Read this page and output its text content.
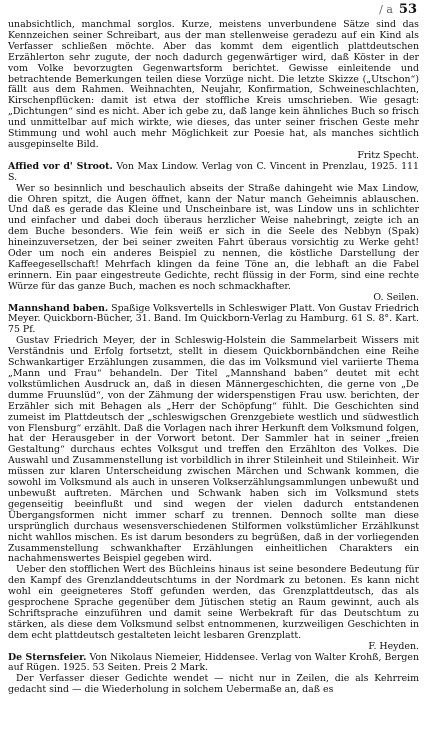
/ a 53

unabsichtlich, manchmal sorglos. Kurze, meistens unverbundene Sätze sind das Kennzeichen seiner Schreibart, aus der man stellenweise geradezu auf ein Kind als Verfasser schließen möchte. Aber das kommt dem eigentlich plattdeutschen Erzählerton sehr zugute, der noch dadurch gegenwärtiger wird, daß Köster in der vom Volke bevorzugten Gegenwartsform berichtet. Gewisse einleitende und betrachtende Bemerkungen teilen diese Vorzüge nicht. Die letzte Skizze („Utschon“) fällt aus dem Rahmen. Weihnachten, Neujahr, Konfirmation, Schweineschlachten, Kirschenpflücken: damit ist etwa der stoffliche Kreis umschrieben. Wie gesagt: „Dichtungen“ sind es nicht. Aber ich gebe zu, daß lange kein ähnliches Buch so frisch und unmittelbar auf mich wirkte, wie dieses, das unter seiner frischen Geste mehr Stimmung und wohl auch mehr Möglichkeit zur Poesie hat, als manches sichtlich ausgepinselte Bild.

Fritz Specht.

Affied vor d' Stroot. Von Max Lindow. Verlag von C. Vincent in Prenzlau, 1925. 111 S.

Wer so besinnlich und beschaulich abseits der Straße dahingeht wie Max Lindow, die Ohren spitzt, die Augen öffnet, kann der Natur manch Geheimnis ablauschen. Und daß es gerade das Kleine und Unscheinbare ist, was Lindow uns in schlichter und einfacher und dabei doch überaus herzlicher Weise nahebringt, zeigte ich an dem Buche besonders. Wie fein weiß er sich in die Seele des Nebbyn (Spak) hineinzuversetzen, der bei seiner zweiten Fahrt überaus vorsichtig zu Werke geht! Oder um noch ein anderes Beispiel zu nennen, die köstliche Darstellung der Kaffeegesellschaft! Mehrfach klingen da feine Töne an, die lebhaft an die Fabel erinnern. Ein paar eingestreute Gedichte, recht flüssig in der Form, sind eine rechte Würze für das ganze Buch, machen es noch schmackhafter.

O. Seilen.

Mannshand baben. Spaßige Volksvertells in Schleswiger Platt. Von Gustav Friedrich Meyer. Quickborn-Bücher, 31. Band. Im Quickborn-Verlag zu Hamburg. 61 S. 8°. Kart. 75 Pf.

Gustav Friedrich Meyer, der in Schleswig-Holstein die Sammelarbeit Wissers mit Verständnis und Erfolg fortsetzt, stellt in diesem Quickbornbändchen eine Reihe Schwankartiger Erzählungen zusammen, die das im Volksmund viel variierte Thema „Mann und Frau“ behandeln. Der Titel „Mannshand baben“ deutet mit echt volkstümlichen Ausdruck an, daß in diesen Männergeschichten, die gerne von „De dumme Fruunslüd“, von der Zähmung der widerspenstigen Frau usw. berichten, der Erzähler sich mit Behagen als „Herr der Schöpfung“ fühlt. Die Geschichten sind zumeist im Plattdeutsch der „schleswigschen Grenzgebiete westlich und südwestlich von Flensburg“ erzählt. Daß die Vorlagen nach ihrer Herkunft dem Volksmund folgen, hat der Herausgeber in der Vorwort betont. Der Sammler hat in seiner „freien Gestaltung“ durchaus echtes Volksgut und treffen den Erzählton des Volkes. Die Auswahl und Zusammenstellung ist vorbildlich in ihrer Stileinheit und Stileinheit. Wir müssen zur klaren Unterscheidung zwischen Märchen und Schwank kommen, die sowohl im Volksmund als auch in unseren Volkserzählungsammlungen unbewußt und unbewußt auftreten. Märchen und Schwank haben sich im Volksmund stets gegenseitig beeinflußt und sind wegen der vielen dadurch entstandenen Übergangsformen nicht immer scharf zu trennen. Dennoch sollte man diese ursprünglich durchaus wesensverschiedenen Stilformen volkstümlicher Erzählkunst nicht wahllos mischen. Es ist darum besonders zu begrüßen, daß in der vorliegenden Zusammenstellung schwankhafter Erzählungen einheitlichen Charakters ein nachahmenswertes Beispiel gegeben wird.

Ueber den stofflichen Wert des Büchleins hinaus ist seine besondere Bedeutung für den Kampf des Grenzlanddeutschtums in der Nordmark zu betonen. Es kann nicht wohl ein geeigneteres Stoff gefunden werden, das Grenzplattdeutsch, das als gesprochene Sprache gegenüber dem Jütischen stetig an Raum gewinnt, auch als Schriftsprache einzuführen und damit seine Werbekraft für das Deutschtum zu stärken, als diese dem Volksmund selbst entnommenen, kurzweiligen Geschichten in dem echt plattdeutsch gestalteten leicht lesbaren Grenzplatt.

F. Heyden.

De Sternsfeier. Von Nikolaus Niemeier, Hiddensee. Verlag von Walter Krohß, Bergen auf Rügen. 1925. 53 Seiten. Preis 2 Mark.

Der Verfasser dieser Gedichte wendet — nicht nur in Zeilen, die als Kehrreim gedacht sind — die Wiederholung in solchem Uebermaße an, daß es
